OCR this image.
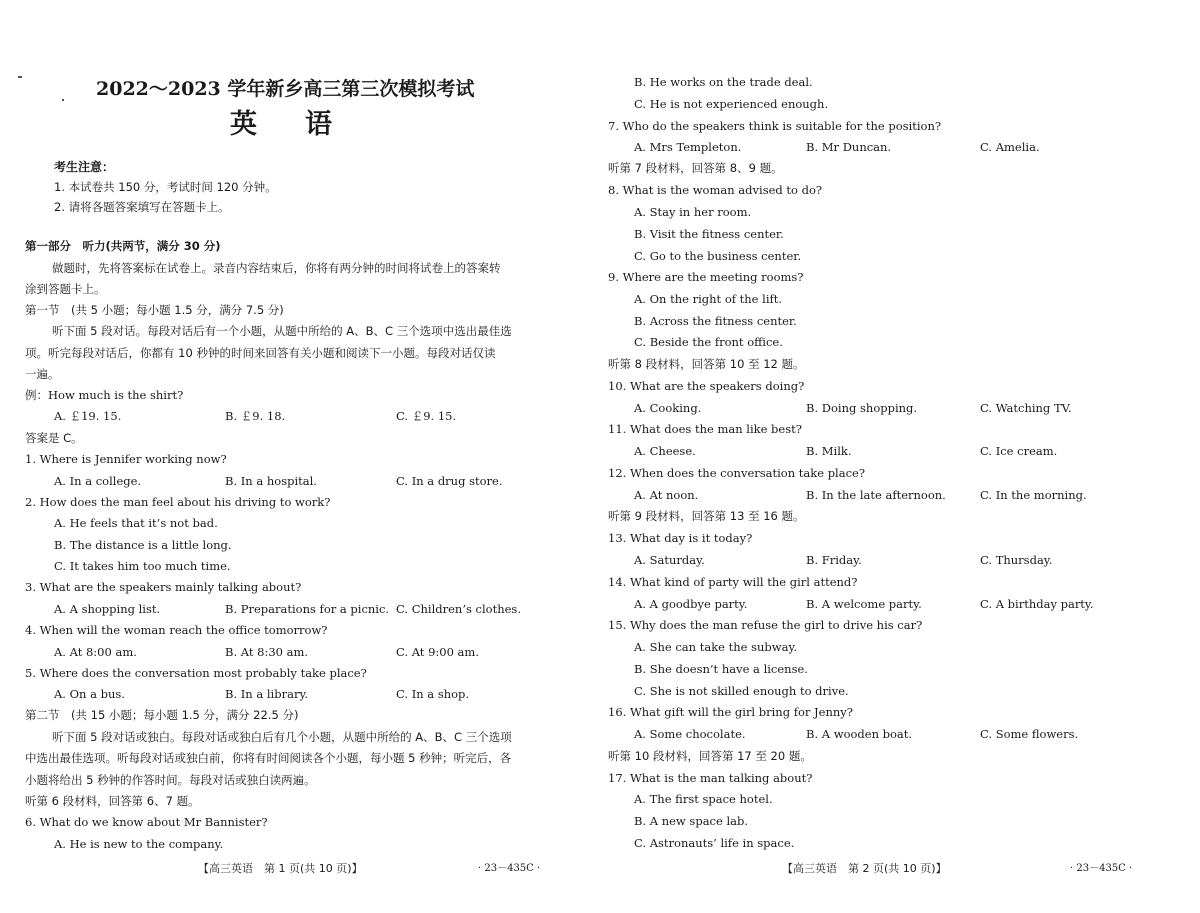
2022～2023 学年新乡高三第三次模拟考试
英语
考生注意：
1. 本试卷共 150 分，考试时间 120 分钟。
2. 请将各题答案填写在答题卡上。
第一部分　听力(共两节，满分 30 分)
做题时，先将答案标在试卷上。录音内容结束后，你将有两分钟的时间将试卷上的答案转
涂到答题卡上。
第一节　(共 5 小题；每小题 1.5 分，满分 7.5 分)
听下面 5 段对话。每段对话后有一个小题，从题中所给的 A、B、C 三个选项中选出最佳选
项。听完每段对话后，你都有 10 秒钟的时间来回答有关小题和阅读下一小题。每段对话仅读
一遍。
例：How much is the shirt?
A. ￡19. 15.	B. ￡9. 18.	C. ￡9. 15.
答案是 C。
1. Where is Jennifer working now?
A. In a college.	B. In a hospital.	C. In a drug store.
2. How does the man feel about his driving to work?
A. He feels that it’s not bad.
B. The distance is a little long.
C. It takes him too much time.
3. What are the speakers mainly talking about?
A. A shopping list.	B. Preparations for a picnic. C. Children’s clothes.
4. When will the woman reach the office tomorrow?
A. At 8:00 am.	B. At 8:30 am.	C. At 9:00 am.
5. Where does the conversation most probably take place?
A. On a bus.	B. In a library.	C. In a shop.
第二节　(共 15 小题；每小题 1.5 分，满分 22.5 分)
听下面 5 段对话或独白。每段对话或独白后有几个小题，从题中所给的 A、B、C 三个选项
中选出最佳选项。听每段对话或独白前，你将有时间阅读各个小题，每小题 5 秒钟；听完后，各
小题将给出 5 秒钟的作答时间。每段对话或独白读两遍。
听第 6 段材料，回答第 6、7 题。
6. What do we know about Mr Bannister?
A. He is new to the company.
【高三英语　第 1 页(共 10 页)】	· 23－435C ·
B. He works on the trade deal.
C. He is not experienced enough.
7. Who do the speakers think is suitable for the position?
A. Mrs Templeton.	B. Mr Duncan.	C. Amelia.
听第 7 段材料，回答第 8、9 题。
8. What is the woman advised to do?
A. Stay in her room.
B. Visit the fitness center.
C. Go to the business center.
9. Where are the meeting rooms?
A. On the right of the lift.
B. Across the fitness center.
C. Beside the front office.
听第 8 段材料，回答第 10 至 12 题。
10. What are the speakers doing?
A. Cooking.	B. Doing shopping.	C. Watching TV.
11. What does the man like best?
A. Cheese.	B. Milk.	C. Ice cream.
12. When does the conversation take place?
A. At noon.	B. In the late afternoon.	C. In the morning.
听第 9 段材料，回答第 13 至 16 题。
13. What day is it today?
A. Saturday.	B. Friday.	C. Thursday.
14. What kind of party will the girl attend?
A. A goodbye party.	B. A welcome party.	C. A birthday party.
15. Why does the man refuse the girl to drive his car?
A. She can take the subway.
B. She doesn’t have a license.
C. She is not skilled enough to drive.
16. What gift will the girl bring for Jenny?
A. Some chocolate.	B. A wooden boat.	C. Some flowers.
听第 10 段材料，回答第 17 至 20 题。
17. What is the man talking about?
A. The first space hotel.
B. A new space lab.
C. Astronauts’ life in space.
【高三英语　第 2 页(共 10 页)】	· 23－435C ·
